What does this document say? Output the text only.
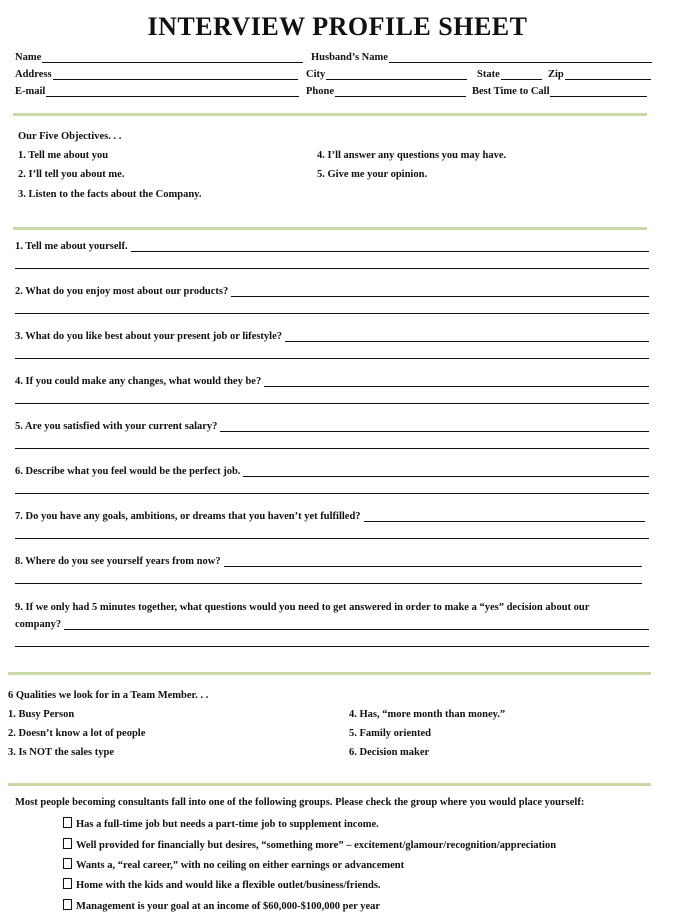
INTERVIEW PROFILE SHEET
Name	Husband’s Name
Address	City	State	Zip
E-mail	Phone	Best Time to Call
Our Five Objectives. . .
1. Tell me about you
2. I’ll tell you about me.
3. Listen to the facts about the Company.
4. I’ll answer any questions you may have.
5. Give me your opinion.
1. Tell me about yourself.
2. What do you enjoy most about our products?
3. What do you like best about your present job or lifestyle?
4. If you could make any changes, what would they be?
5. Are you satisfied with your current salary?
6. Describe what you feel would be the perfect job.
7. Do you have any goals, ambitions, or dreams that you haven’t yet fulfilled?
8. Where do you see yourself years from now?
9. If we only had 5 minutes together, what questions would you need to get answered in order to make a “yes” decision about our
company?
6 Qualities we look for in a Team Member. . .
1. Busy Person
2. Doesn’t know a lot of people
3. Is NOT the sales type
4. Has, “more month than money.”
5. Family oriented
6. Decision maker
Most people becoming consultants fall into one of the following groups. Please check the group where you would place yourself:
Has a full-time job but needs a part-time job to supplement income.
Well provided for financially but desires, “something more” – excitement/glamour/recognition/appreciation
Wants a, “real career,” with no ceiling on either earnings or advancement
Home with the kids and would like a flexible outlet/business/friends.
Management is your goal at an income of $60,000-$100,000 per year
